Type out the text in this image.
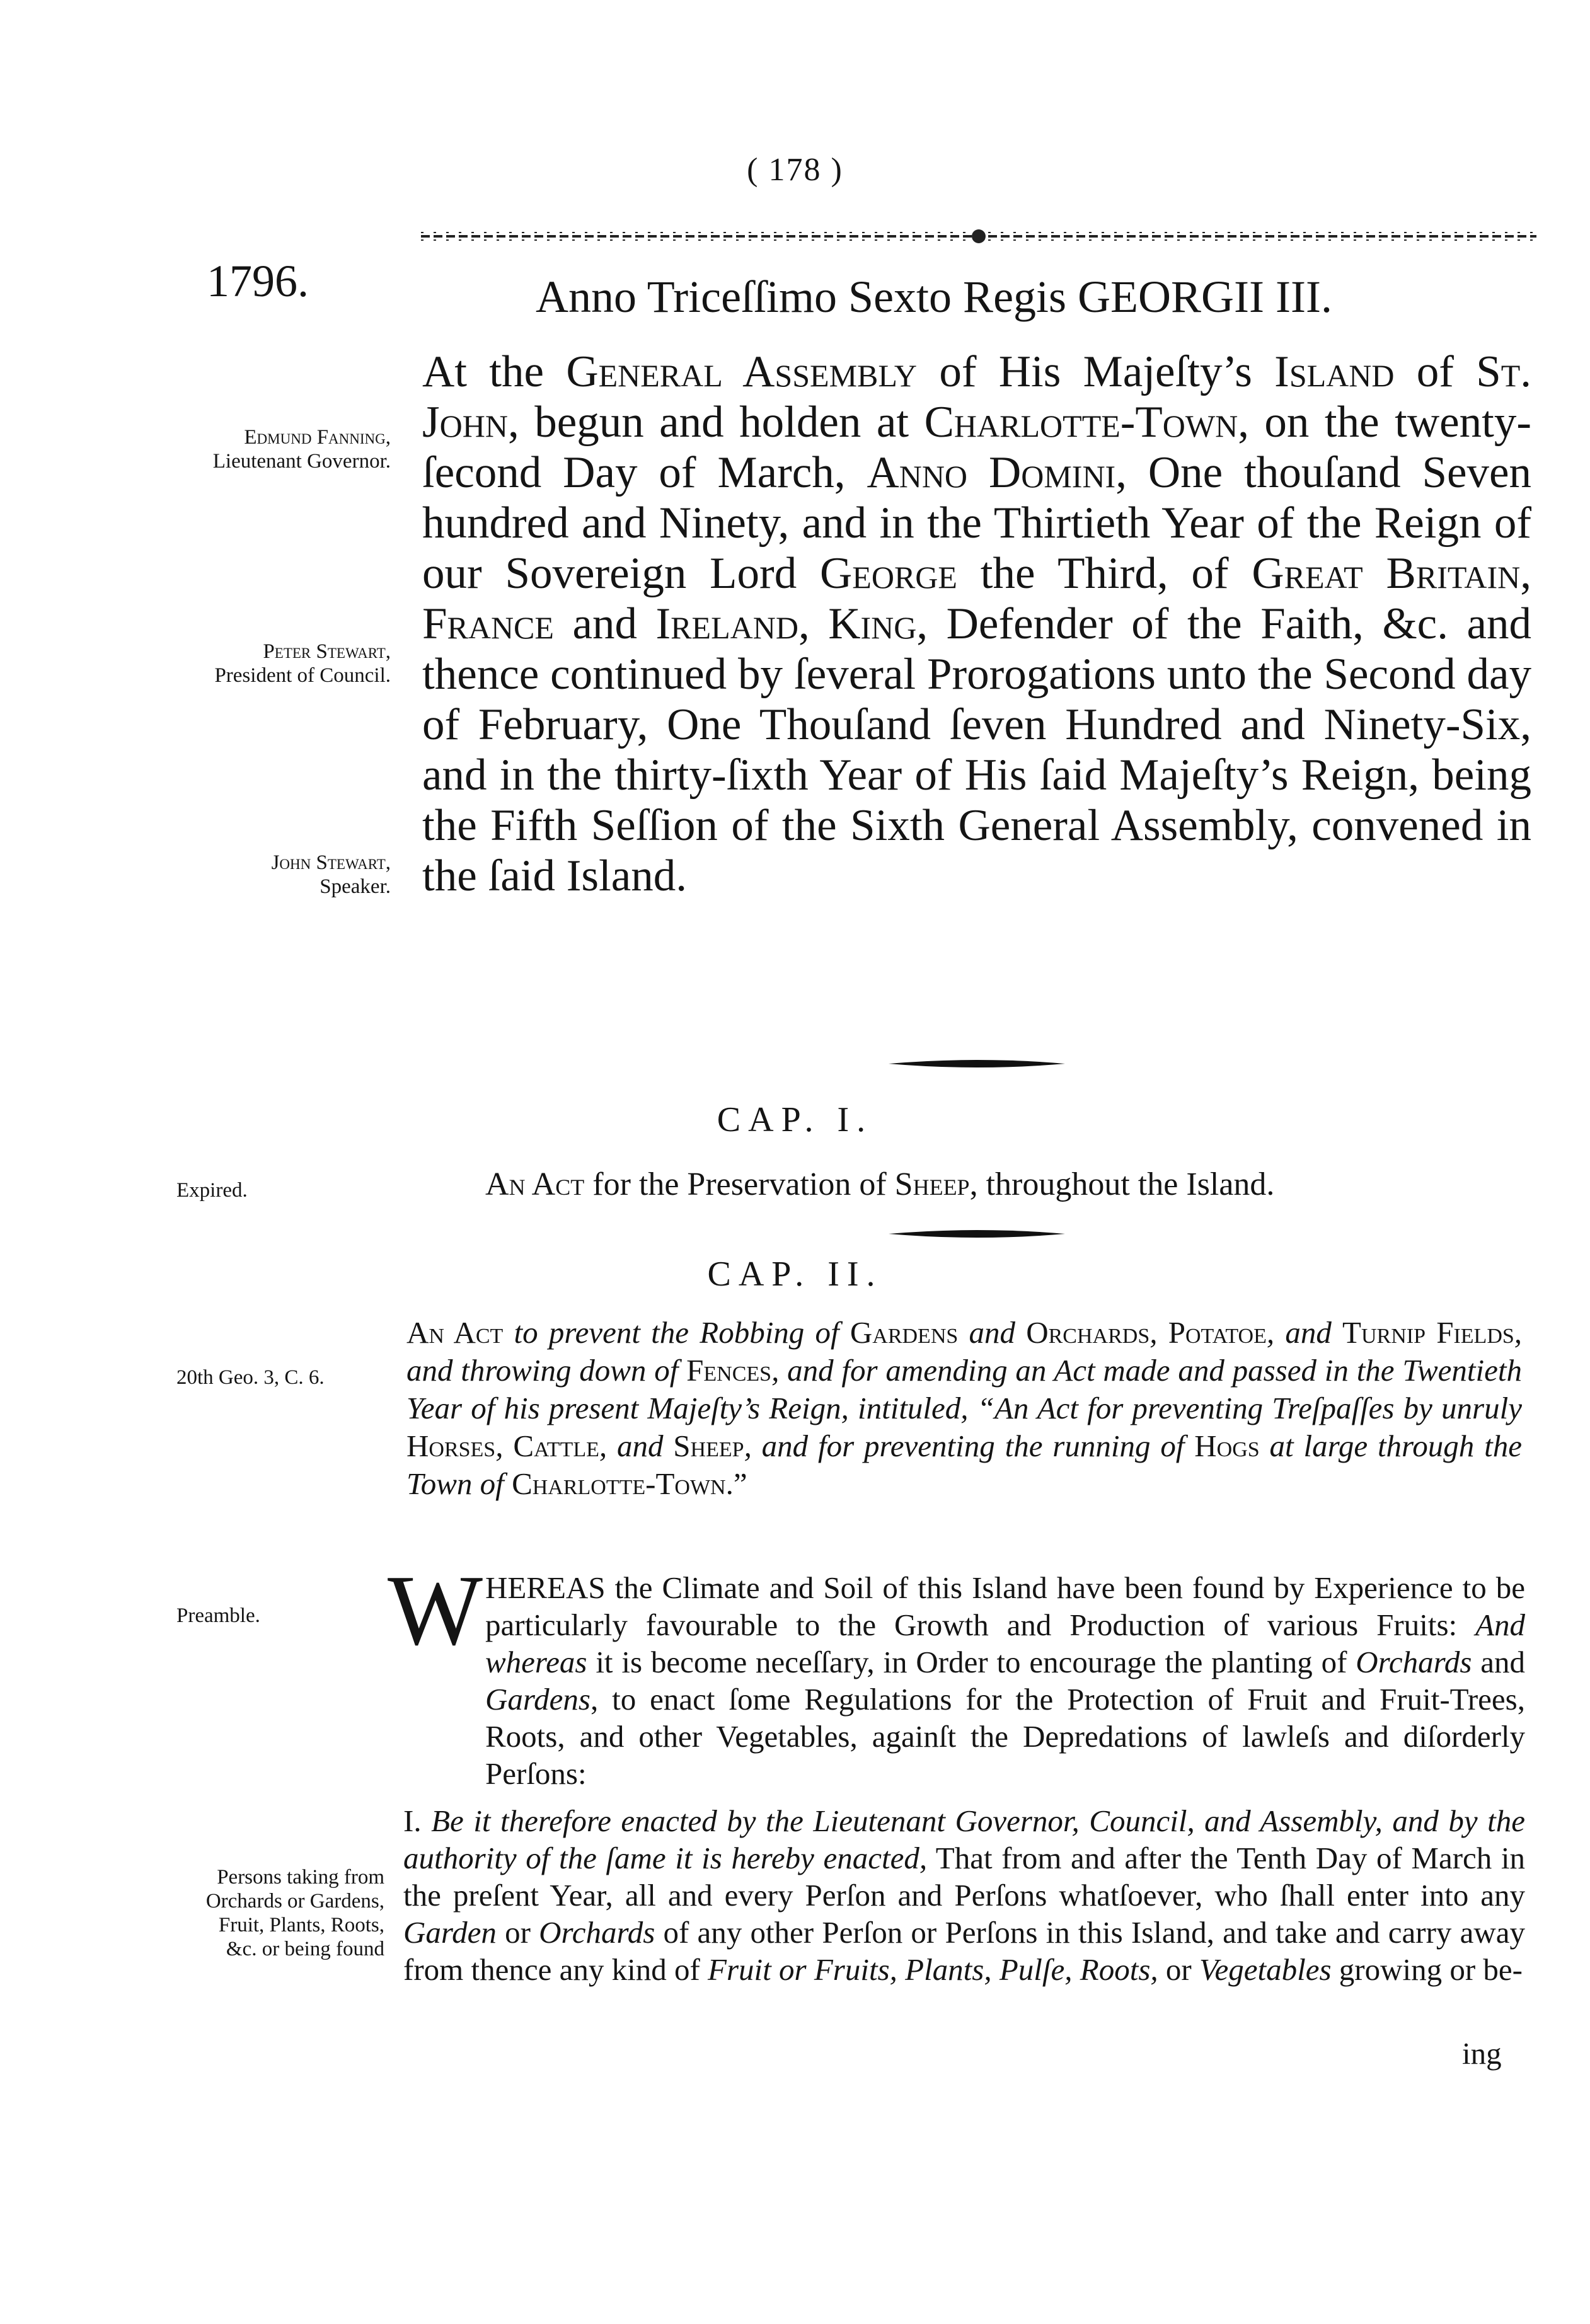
( 178 )
1796.	Anno Triceſſimo Sexto Regis GEORGII III.
At the General Assembly of His Majeſty’s Island of St. John, begun and holden at Charlotte-Town, on the twenty-ſecond Day of March, Anno Domini, One thouſand Seven hundred and Ninety, and in the Thirtieth Year of the Reign of our Sovereign Lord George the Third, of Great Britain, France and Ireland, King, Defender of the Faith, &c. and thence continued by ſeveral Prorogations unto the Second day of February, One Thouſand ſeven Hundred and Ninety-Six, and in the thirty-ſixth Year of His ſaid Majeſty’s Reign, being the Fifth Seſſion of the Sixth General Assembly, convened in the ſaid Island.
Edmund Fanning,
Lieutenant Governor.
Peter Stewart,
President of Council.
John Stewart,
Speaker.
CAP. I.
Expired.	An Act for the Preservation of Sheep, throughout the Island.
CAP. II.
20th Geo. 3, C. 6.
An Act to prevent the Robbing of Gardens and Orchards, Potatoe, and Turnip Fields, and throwing down of Fences, and for amending an Act made and passed in the Twentieth Year of his present Majeſty’s Reign, intituled, “An Act for preventing Treſpaſſes by unruly Horses, Cattle, and Sheep, and for preventing the running of Hogs at large through the Town of Charlotte-Town.”
Preamble.	W HEREAS the Climate and Soil of this Island have been found by Experience to be particularly favourable to the Growth and Production of various Fruits: And whereas it is become neceſſary, in Order to encourage the planting of Orchards and Gardens, to enact ſome Regulations for the Protection of Fruit and Fruit-Trees, Roots, and other Vegetables, againſt the Depredations of lawleſs and diſorderly Perſons:
Persons taking from
Orchards or Gardens,
Fruit, Plants, Roots,
&c. or being found
I. Be it therefore enacted by the Lieutenant Governor, Council, and Assembly, and by the authority of the ſame it is hereby enacted, That from and after the Tenth Day of March in the preſent Year, all and every Perſon and Perſons whatſoever, who ſhall enter into any Garden or Orchards of any other Perſon or Perſons in this Island, and take and carry away from thence any kind of Fruit or Fruits, Plants, Pulſe, Roots, or Vegetables growing or be-
ing
